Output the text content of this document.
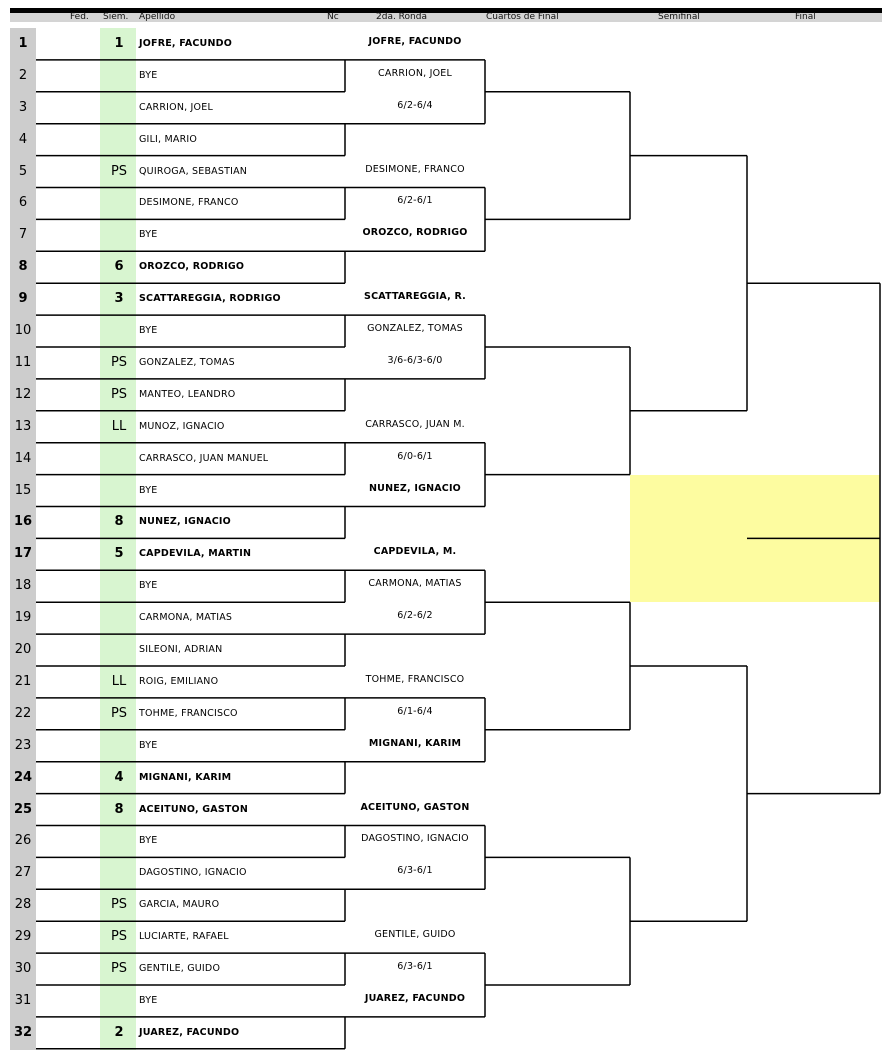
Fed. Siem. Apellido	Nc	2da. Ronda	Cuartos de Final	Semifinal	Final
1	1	JOFRE, FACUNDO
2	BYE
3	CARRION, JOEL
4	GILI, MARIO
5	PS	QUIROGA, SEBASTIAN
6	DESIMONE, FRANCO
7	BYE
8	6	OROZCO, RODRIGO
9	3	SCATTAREGGIA, RODRIGO
10	BYE
11	PS	GONZALEZ, TOMAS
12	PS	MANTEO, LEANDRO
13	LL	MUNOZ, IGNACIO
14	CARRASCO, JUAN MANUEL
15	BYE
16	8	NUNEZ, IGNACIO
17	5	CAPDEVILA, MARTIN
18	BYE
19	CARMONA, MATIAS
20	SILEONI, ADRIAN
21	LL	ROIG, EMILIANO
22	PS	TOHME, FRANCISCO
23	BYE
24	4	MIGNANI, KARIM
25	8	ACEITUNO, GASTON
26	BYE
27	DAGOSTINO, IGNACIO
28	PS	GARCIA, MAURO
29	PS	LUCIARTE, RAFAEL
30	PS	GENTILE, GUIDO
31	BYE
32	2	JUAREZ, FACUNDO
JOFRE, FACUNDO
CARRION, JOEL
6/2-6/4
DESIMONE, FRANCO
6/2-6/1
OROZCO, RODRIGO
SCATTAREGGIA, R.
GONZALEZ, TOMAS
3/6-6/3-6/0
CARRASCO, JUAN M.
6/0-6/1
NUNEZ, IGNACIO
CAPDEVILA, M.
CARMONA, MATIAS
6/2-6/2
TOHME, FRANCISCO
6/1-6/4
MIGNANI, KARIM
ACEITUNO, GASTON
DAGOSTINO, IGNACIO
6/3-6/1
GENTILE, GUIDO
6/3-6/1
JUAREZ, FACUNDO
